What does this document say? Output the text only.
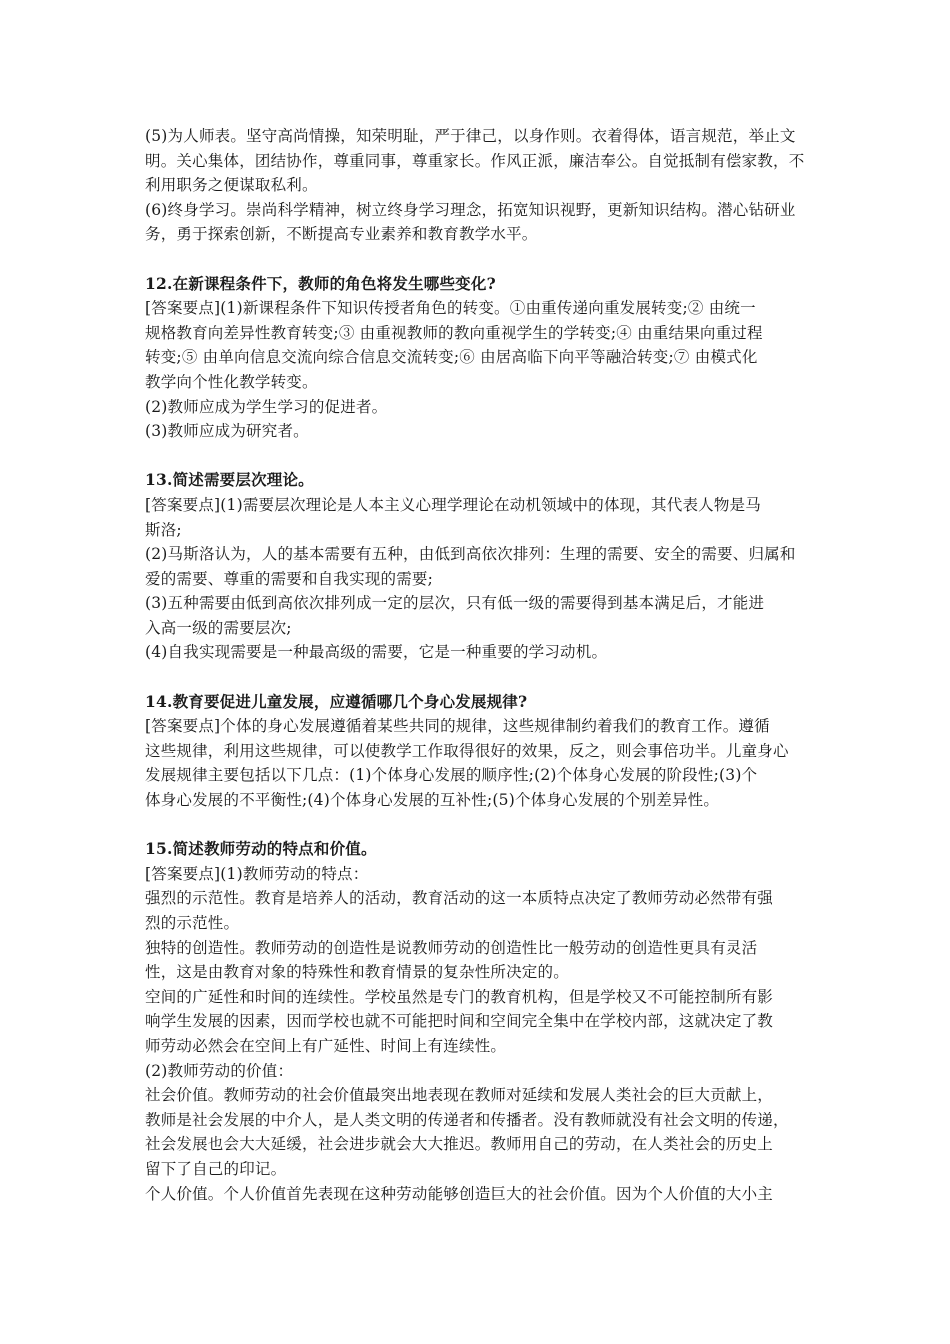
(5)为人师表。坚守高尚情操，知荣明耻，严于律己，以身作则。衣着得体，语言规范，举止文

明。关心集体，团结协作，尊重同事，尊重家长。作风正派，廉洁奉公。自觉抵制有偿家教，不

利用职务之便谋取私利。

(6)终身学习。崇尚科学精神，树立终身学习理念，拓宽知识视野，更新知识结构。潜心钻研业

务，勇于探索创新，不断提高专业素养和教育教学水平。

12.在新课程条件下，教师的角色将发生哪些变化?

[答案要点](1)新课程条件下知识传授者角色的转变。①由重传递向重发展转变;② 由统一

规格教育向差异性教育转变;③ 由重视教师的教向重视学生的学转变;④ 由重结果向重过程

转变;⑤ 由单向信息交流向综合信息交流转变;⑥ 由居高临下向平等融洽转变;⑦ 由模式化

教学向个性化教学转变。

(2)教师应成为学生学习的促进者。

(3)教师应成为研究者。

13.简述需要层次理论。

[答案要点](1)需要层次理论是人本主义心理学理论在动机领域中的体现，其代表人物是马

斯洛;

(2)马斯洛认为，人的基本需要有五种，由低到高依次排列：生理的需要、安全的需要、归属和

爱的需要、尊重的需要和自我实现的需要;

(3)五种需要由低到高依次排列成一定的层次，只有低一级的需要得到基本满足后，才能进

入高一级的需要层次;

(4)自我实现需要是一种最高级的需要，它是一种重要的学习动机。

14.教育要促进儿童发展，应遵循哪几个身心发展规律?

[答案要点]个体的身心发展遵循着某些共同的规律，这些规律制约着我们的教育工作。遵循

这些规律，利用这些规律，可以使教学工作取得很好的效果，反之，则会事倍功半。儿童身心

发展规律主要包括以下几点：(1)个体身心发展的顺序性;(2)个体身心发展的阶段性;(3)个

体身心发展的不平衡性;(4)个体身心发展的互补性;(5)个体身心发展的个别差异性。

15.简述教师劳动的特点和价值。

[答案要点](1)教师劳动的特点：

强烈的示范性。教育是培养人的活动，教育活动的这一本质特点决定了教师劳动必然带有强

烈的示范性。

独特的创造性。教师劳动的创造性是说教师劳动的创造性比一般劳动的创造性更具有灵活

性，这是由教育对象的特殊性和教育情景的复杂性所决定的。

空间的广延性和时间的连续性。学校虽然是专门的教育机构，但是学校又不可能控制所有影

响学生发展的因素，因而学校也就不可能把时间和空间完全集中在学校内部，这就决定了教

师劳动必然会在空间上有广延性、时间上有连续性。

(2)教师劳动的价值：

社会价值。教师劳动的社会价值最突出地表现在教师对延续和发展人类社会的巨大贡献上，

教师是社会发展的中介人，是人类文明的传递者和传播者。没有教师就没有社会文明的传递，

社会发展也会大大延缓，社会进步就会大大推迟。教师用自己的劳动，在人类社会的历史上

留下了自己的印记。

个人价值。个人价值首先表现在这种劳动能够创造巨大的社会价值。因为个人价值的大小主
